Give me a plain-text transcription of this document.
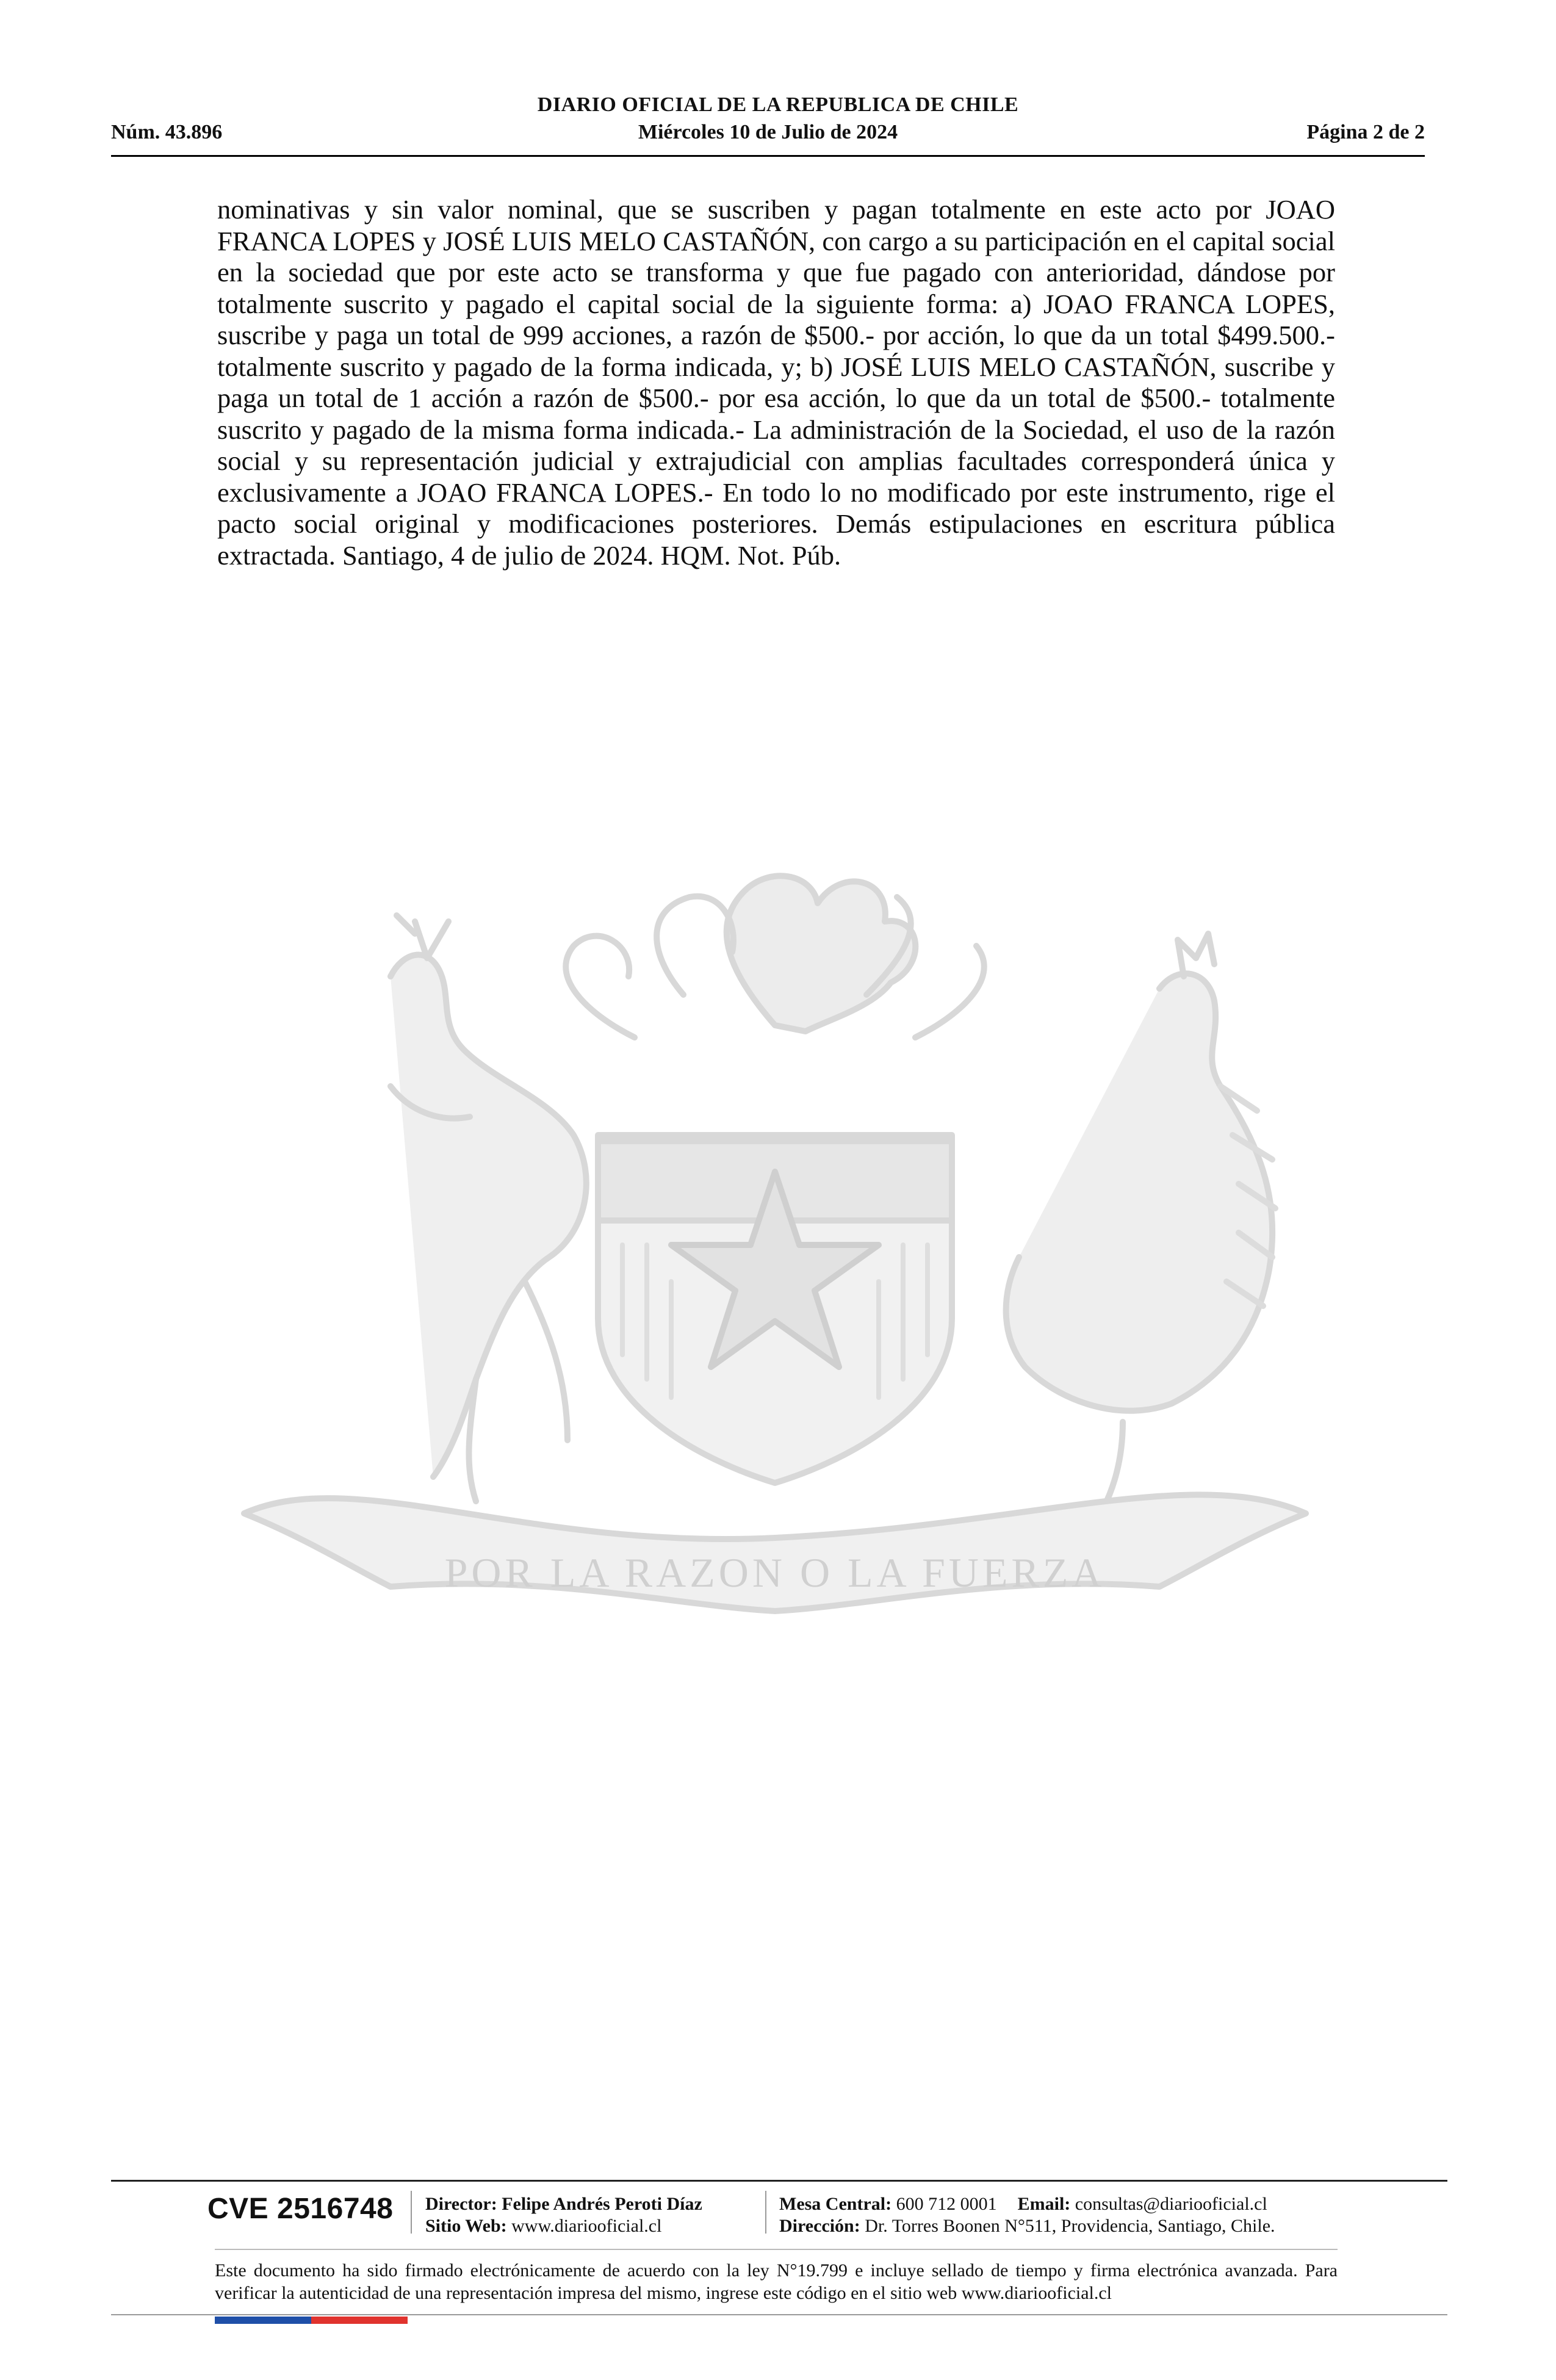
DIARIO OFICIAL DE LA REPUBLICA DE CHILE
Núm. 43.896	Miércoles 10 de Julio de 2024	Página 2 de 2
nominativas y sin valor nominal, que se suscriben y pagan totalmente en este acto por JOAO FRANCA LOPES y JOSÉ LUIS MELO CASTAÑÓN, con cargo a su participación en el capital social en la sociedad que por este acto se transforma y que fue pagado con anterioridad, dándose por totalmente suscrito y pagado el capital social de la siguiente forma: a) JOAO FRANCA LOPES, suscribe y paga un total de 999 acciones, a razón de $500.- por acción, lo que da un total $499.500.- totalmente suscrito y pagado de la forma indicada, y; b) JOSÉ LUIS MELO CASTAÑÓN, suscribe y paga un total de 1 acción a razón de $500.- por esa acción, lo que da un total de $500.- totalmente suscrito y pagado de la misma forma indicada.- La administración de la Sociedad, el uso de la razón social y su representación judicial y extrajudicial con amplias facultades corresponderá única y exclusivamente a JOAO FRANCA LOPES.- En todo lo no modificado por este instrumento, rige el pacto social original y modificaciones posteriores. Demás estipulaciones en escritura pública extractada. Santiago, 4 de julio de 2024. HQM. Not. Púb.
POR LA RAZON O LA FUERZA
CVE 2516748 Director: Felipe Andrés Peroti Díaz
Sitio Web: www.diariooficial.cl
Mesa Central: 600 712 0001 Email: consultas@diariooficial.cl
Dirección: Dr. Torres Boonen N°511, Providencia, Santiago, Chile.
Este documento ha sido firmado electrónicamente de acuerdo con la ley N°19.799 e incluye sellado de tiempo y firma electrónica avanzada. Para verificar la autenticidad de una representación impresa del mismo, ingrese este código en el sitio web www.diariooficial.cl
